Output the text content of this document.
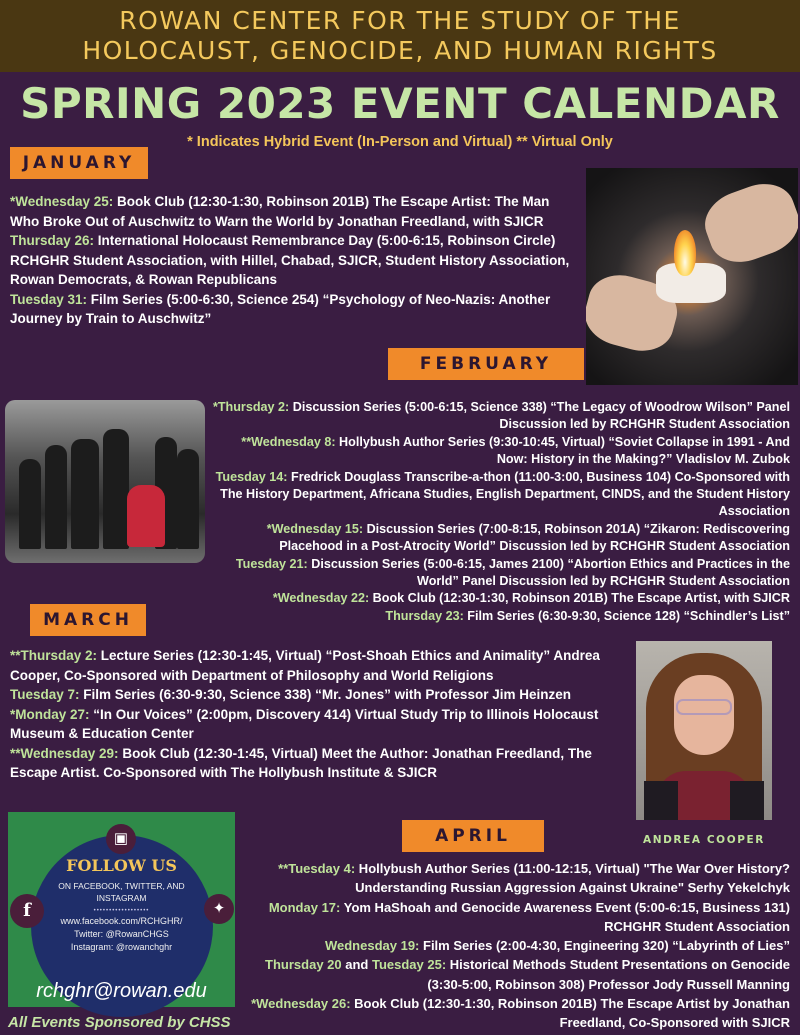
ROWAN CENTER FOR THE STUDY OF THE
HOLOCAUST, GENOCIDE, AND HUMAN RIGHTS
SPRING 2023 EVENT CALENDAR
* Indicates Hybrid Event (In-Person and Virtual) ** Virtual Only
JANUARY
*Wednesday 25: Book Club (12:30-1:30, Robinson 201B) The Escape Artist: The Man Who Broke Out of Auschwitz to Warn the World by Jonathan Freedland, with SJICR
Thursday 26: International Holocaust Remembrance Day (5:00-6:15, Robinson Circle) RCHGHR Student Association, with Hillel, Chabad, SJICR, Student History Association, Rowan Democrats, & Rowan Republicans
Tuesday 31: Film Series (5:00-6:30, Science 254) “Psychology of Neo-Nazis: Another Journey by Train to Auschwitz”
FEBRUARY
*Thursday 2: Discussion Series (5:00-6:15, Science 338) “The Legacy of Woodrow Wilson” Panel Discussion led by RCHGHR Student Association
**Wednesday 8: Hollybush Author Series (9:30-10:45, Virtual) “Soviet Collapse in 1991 - And Now: History in the Making?” Vladislov M. Zubok
Tuesday 14: Fredrick Douglass Transcribe-a-thon (11:00-3:00, Business 104) Co-Sponsored with The History Department, Africana Studies, English Department, CINDS, and the Student History Association
*Wednesday 15: Discussion Series (7:00-8:15, Robinson 201A) “Zikaron: Rediscovering Placehood in a Post-Atrocity World” Discussion led by RCHGHR Student Association
Tuesday 21: Discussion Series (5:00-6:15, James 2100) “Abortion Ethics and Practices in the World” Panel Discussion led by RCHGHR Student Association
*Wednesday 22: Book Club (12:30-1:30, Robinson 201B) The Escape Artist, with SJICR
Thursday 23: Film Series (6:30-9:30, Science 128) “Schindler’s List”
MARCH
**Thursday 2: Lecture Series (12:30-1:45, Virtual) “Post-Shoah Ethics and Animality” Andrea Cooper, Co-Sponsored with Department of Philosophy and World Religions
Tuesday 7: Film Series (6:30-9:30, Science 338) “Mr. Jones” with Professor Jim Heinzen
*Monday 27: “In Our Voices” (2:00pm, Discovery 414) Virtual Study Trip to Illinois Holocaust Museum & Education Center
**Wednesday 29: Book Club (12:30-1:45, Virtual) Meet the Author: Jonathan Freedland, The Escape Artist. Co-Sponsored with The Hollybush Institute & SJICR
ANDREA COOPER
APRIL
**Tuesday 4: Hollybush Author Series (11:00-12:15, Virtual) "The War Over History? Understanding Russian Aggression Against Ukraine" Serhy Yekelchyk
Monday 17: Yom HaShoah and Genocide Awareness Event (5:00-6:15, Business 131) RCHGHR Student Association
Wednesday 19: Film Series (2:00-4:30, Engineering 320) “Labyrinth of Lies”
Thursday 20 and Tuesday 25: Historical Methods Student Presentations on Genocide (3:30-5:00, Robinson 308) Professor Jody Russell Manning
*Wednesday 26: Book Club (12:30-1:30, Robinson 201B) The Escape Artist by Jonathan Freedland, Co-Sponsored with SJICR
▣
f	✦
FOLLOW US
ON FACEBOOK, TWITTER, AND INSTAGRAM
••••••••••••••••••
www.facebook.com/RCHGHR/
Twitter: @RowanCHGS
Instagram: @rowanchghr
rchghr@rowan.edu
All Events Sponsored by CHSS
